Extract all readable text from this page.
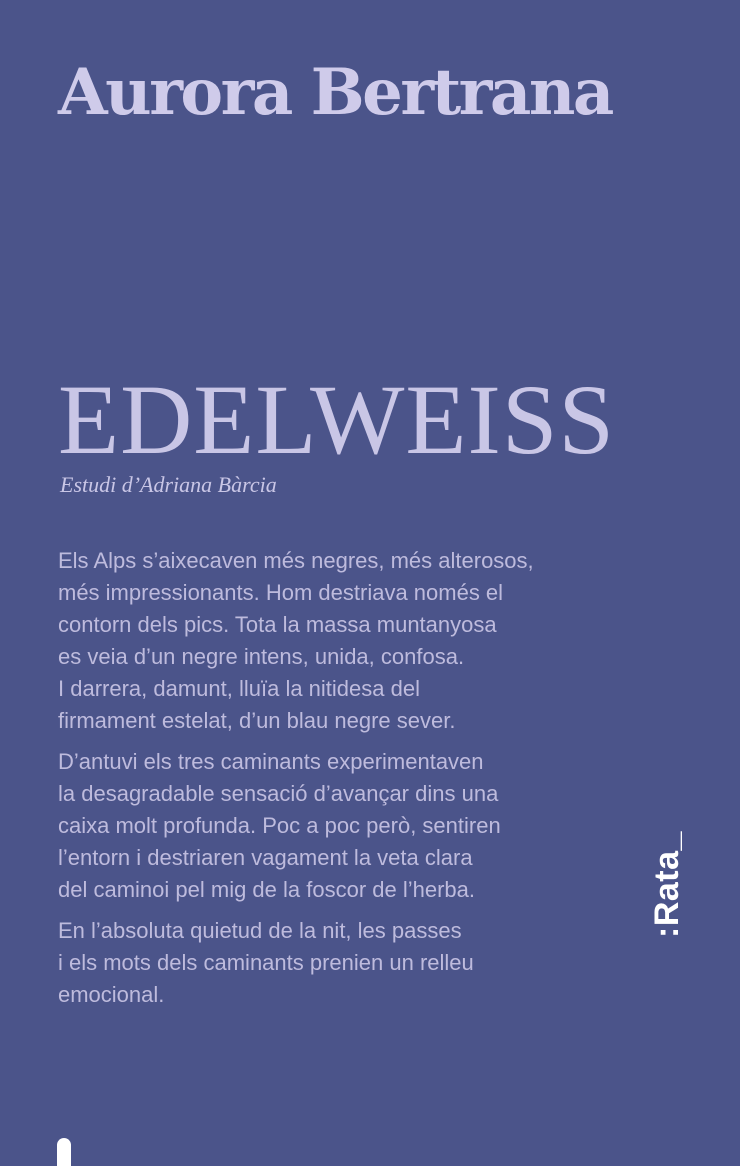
Aurora Bertrana
EDELWEISS

Estudi d’Adriana Bàrcia

Els Alps s’aixecaven més negres, més alterosos,
més impressionants. Hom destriava només el
contorn dels pics. Tota la massa muntanyosa
es veia d’un negre intens, unida, confosa.
I darrera, damunt, lluïa la nitidesa del
firmament estelat, d’un blau negre sever.

D’antuvi els tres caminants experimentaven
la desagradable sensació d’avançar dins una
caixa molt profunda. Poc a poc però, sentiren
l’entorn i destriaren vagament la veta clara
del caminoi pel mig de la foscor de l’herba.

En l’absoluta quietud de la nit, les passes
i els mots dels caminants prenien un relleu
emocional.

:Rata_
